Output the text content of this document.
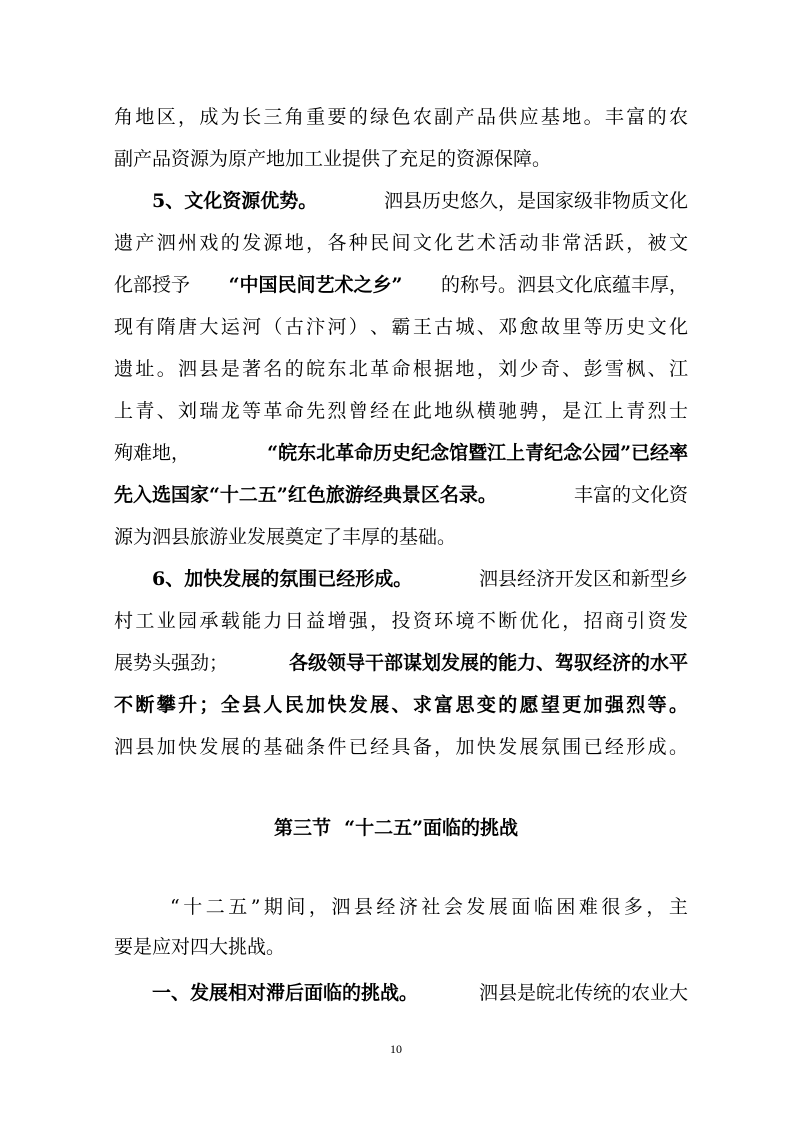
角 地 区 ， 成 为 长 三 角 重 要 的 绿 色 农 副 产 品 供 应 基 地 。 丰 富 的 农
副产品资源为原产地加工业提供了充足的资源保障。
5、文化资源优势。	泗县历史悠久，是国家级非物质文化
遗 产 泗 州 戏 的 发 源 地 ， 各 种 民 间 文 化 艺 术 活 动 非 常 活 跃 ， 被 文
化部授予 “中国民间艺术之乡” 的称号。泗县文化底蕴丰厚，
现 有 隋 唐 大 运 河 （ 古 汴 河 ） 、 霸 王 古 城 、 邓 愈 故 里 等 历 史 文 化
遗 址 。 泗 县 是 著 名 的 皖 东 北 革 命 根 据 地 ， 刘 少 奇 、 彭 雪 枫 、 江
上 青 、 刘 瑞 龙 等 革 命 先 烈 曾 经 在 此 地 纵 横 驰 骋 ， 是 江 上 青 烈 士
殉难地，	“皖东北革命历史纪念馆暨江上青纪念公园”已经率
先入选国家“十二五”红色旅游经典景区名录。	丰富的文化资
源为泗县旅游业发展奠定了丰厚的基础。
6、加快发展的氛围已经形成。	泗县经济开发区和新型乡
村 工 业 园 承 载 能 力 日 益 增 强 ， 投 资 环 境 不 断 优 化 ， 招 商 引 资 发
展势头强劲；	各级领导干部谋划发展的能力、驾驭经济的水平
不 断 攀 升 ； 全 县 人 民 加 快 发 展 、 求 富 思 变 的 愿 望 更 加 强 烈 等 。
泗 县 加 快 发 展 的 基 础 条 件 已 经 具 备 ， 加 快 发 展 氛 围 已 经 形 成 。
第三节  “十二五”面临的挑战
“ 十 二 五 ” 期 间 ， 泗 县 经 济 社 会 发 展 面 临 困 难 很 多 ， 主
要是应对四大挑战。
一、发展相对滞后面临的挑战。	泗县是皖北传统的农业大
10
